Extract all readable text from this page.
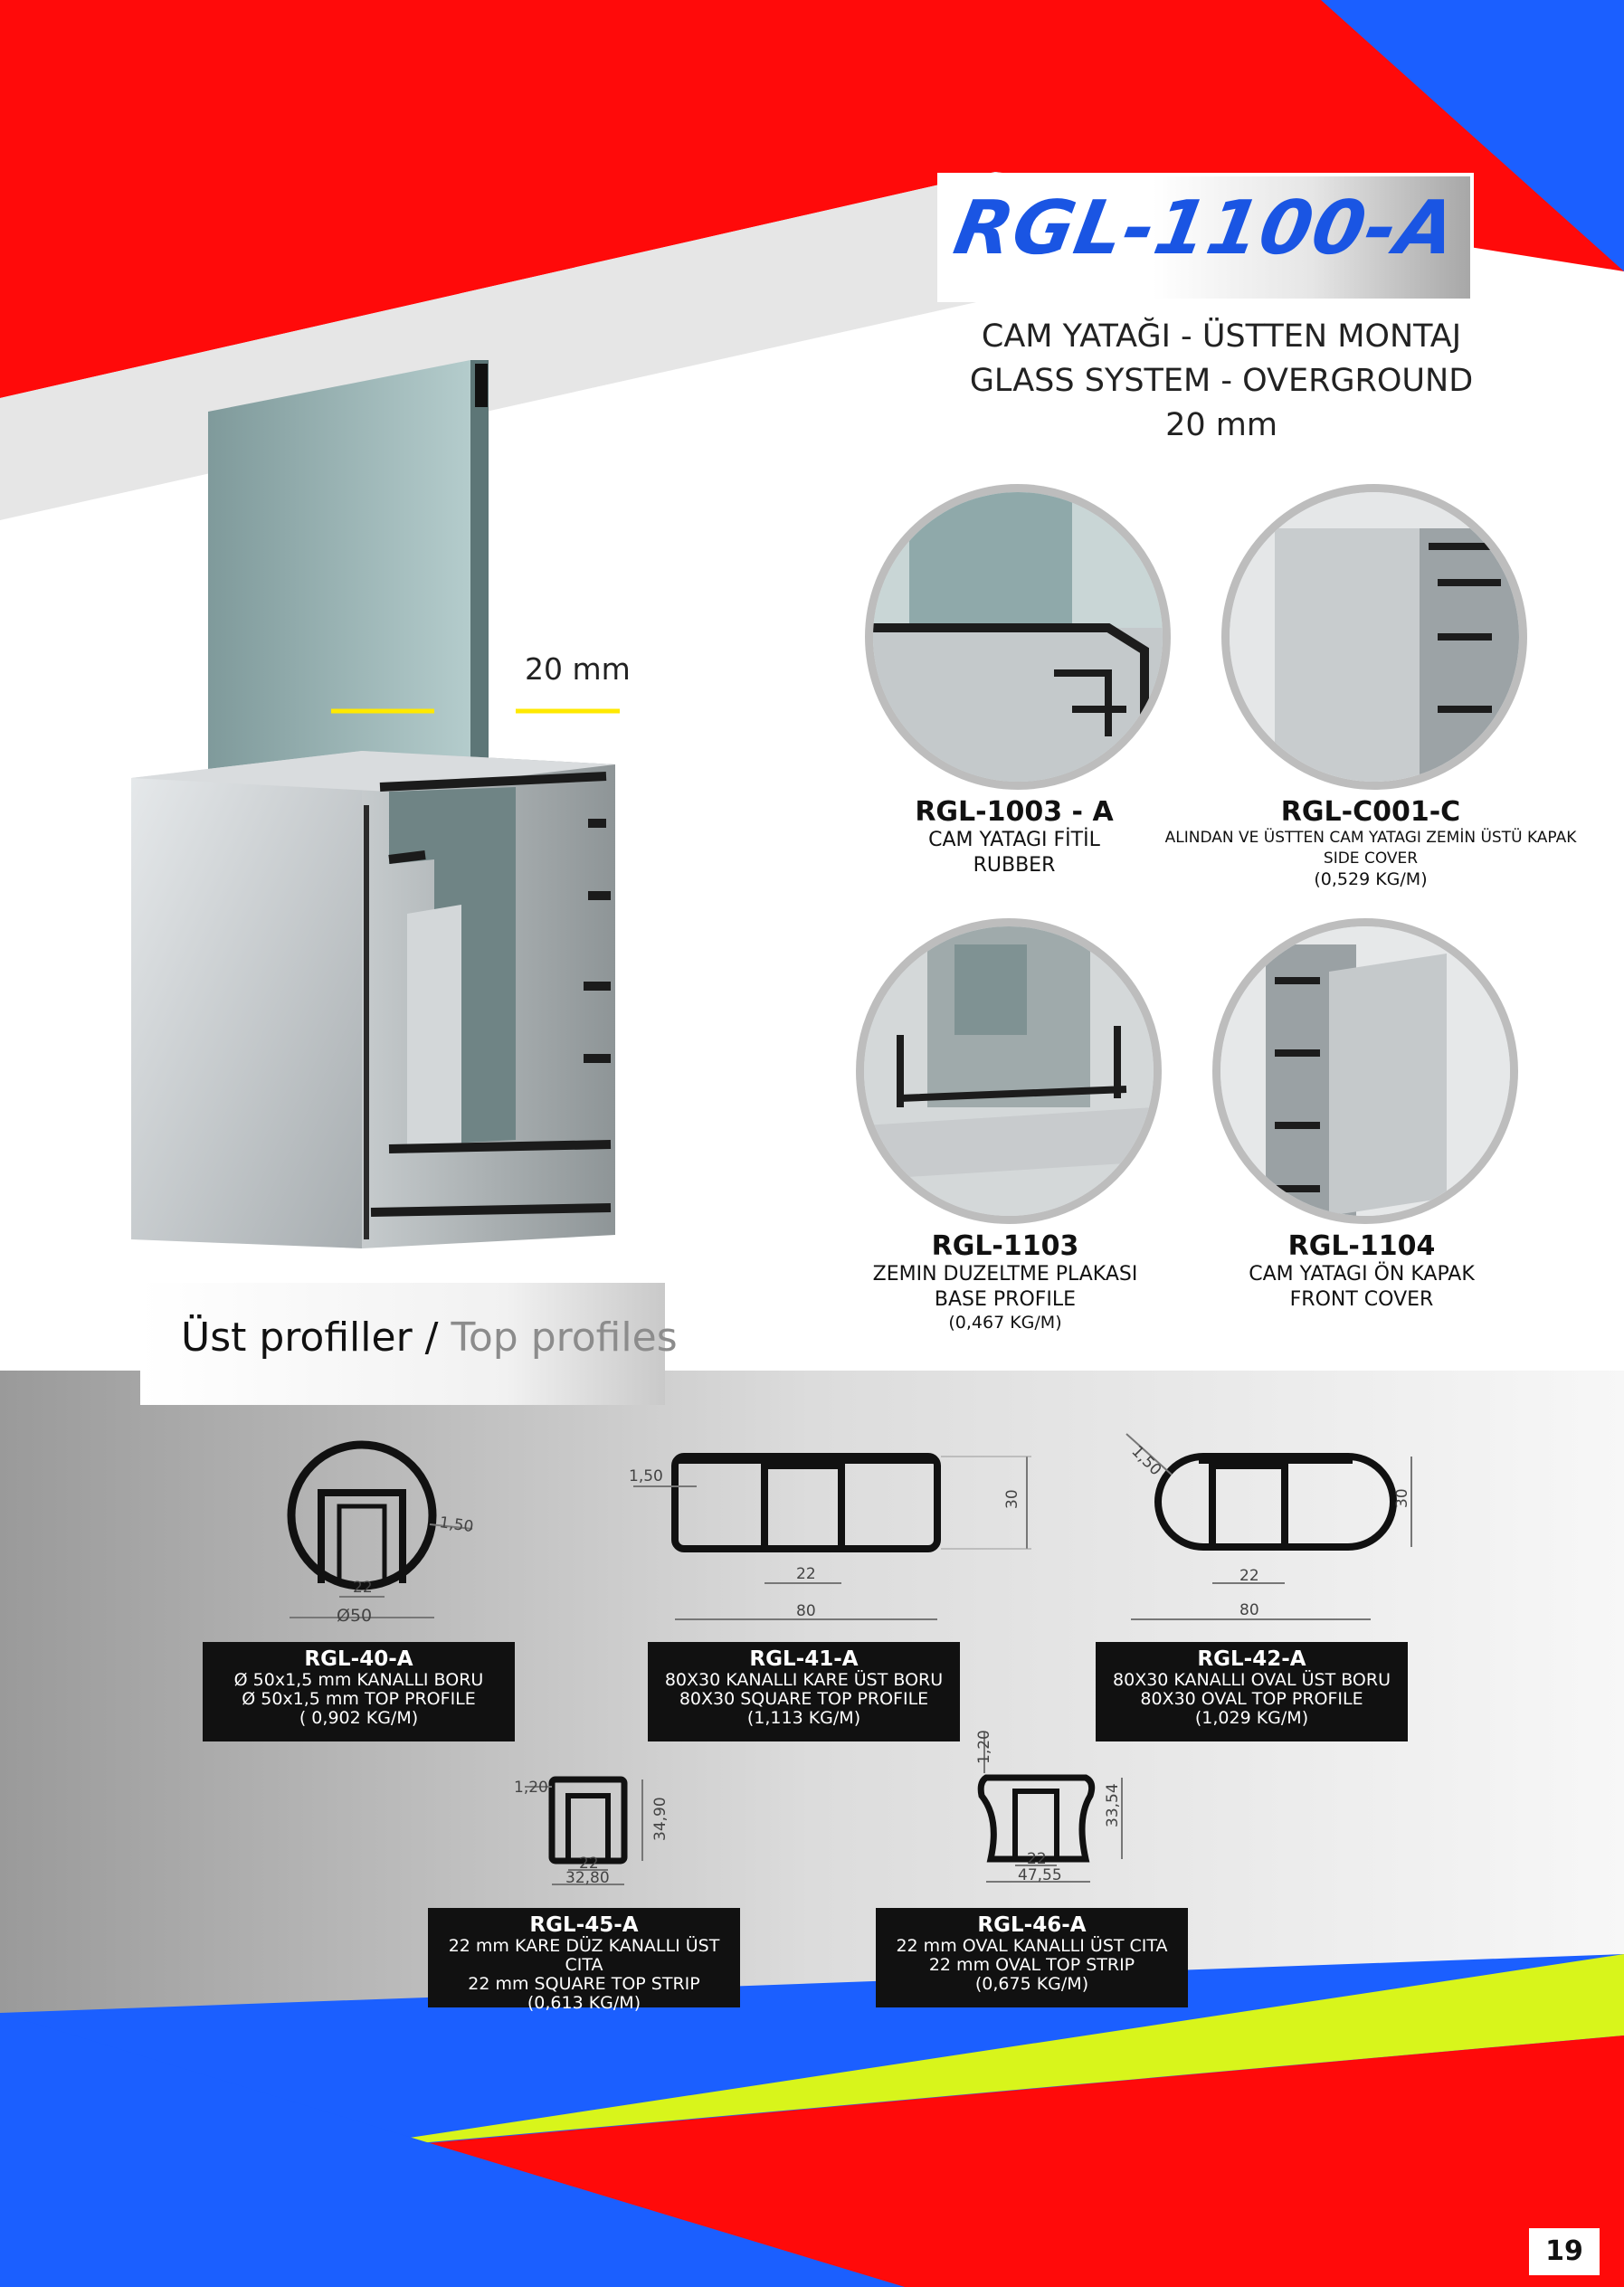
RGL-1100-A
CAM YATAĞI - ÜSTTEN MONTAJ
GLASS SYSTEM - OVERGROUND
20 mm
20 mm
RGL-1003 - A
CAM YATAGI FİTİL
RUBBER
RGL-C001-C
ALINDAN VE ÜSTTEN CAM YATAGI ZEMİN ÜSTÜ KAPAK
SIDE COVER
(0,529 KG/M)
RGL-1103
ZEMIN DUZELTME PLAKASI
BASE PROFILE
(0,467 KG/M)
RGL-1104
CAM YATAGI ÖN KAPAK
FRONT COVER
Üst profiller / Top profiles
1,50
22
Ø50
1,50
22
80
30
1,50
22
80
30
1,20
22
32,80
34,90
1,20
22
47,55
33,54
RGL-40-A
Ø 50x1,5 mm KANALLI BORU
Ø 50x1,5 mm TOP PROFILE
( 0,902 KG/M)
RGL-41-A
80X30 KANALLI KARE ÜST BORU
80X30 SQUARE TOP PROFILE
(1,113 KG/M)
RGL-42-A
80X30 KANALLI OVAL ÜST BORU
80X30 OVAL TOP PROFILE
(1,029 KG/M)
RGL-45-A
22 mm KARE DÜZ KANALLI ÜST CITA
22 mm SQUARE TOP STRIP
(0,613 KG/M)
RGL-46-A
22 mm OVAL KANALLI ÜST CITA
22 mm OVAL TOP STRIP
(0,675 KG/M)
19
